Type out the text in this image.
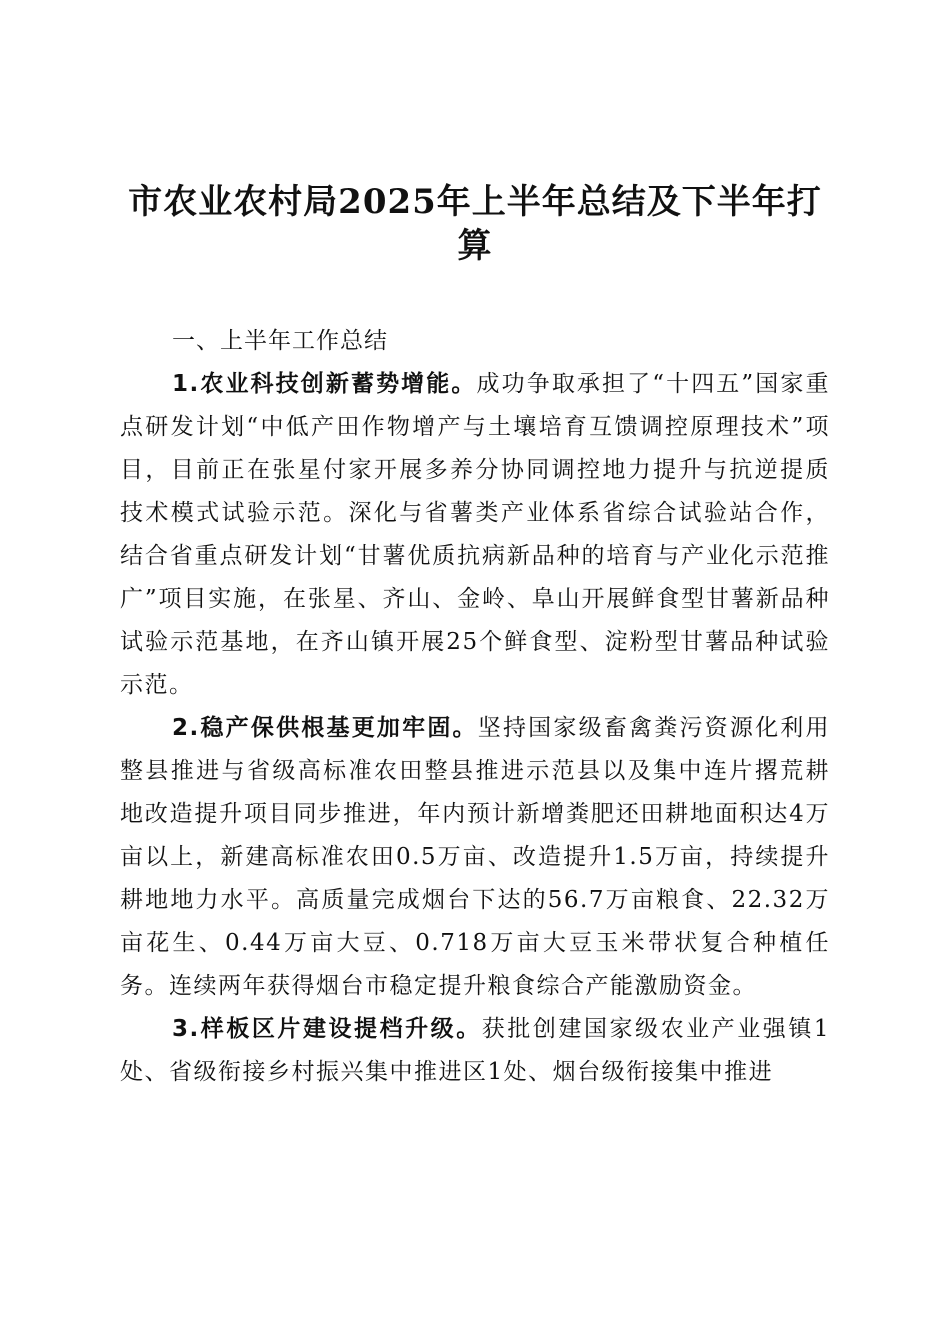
市农业农村局2025年上半年总结及下半年打算
一、上半年工作总结

1.农业科技创新蓄势增能。成功争取承担了“十四五”国家重点研发计划“中低产田作物增产与土壤培育互馈调控原理技术”项目，目前正在张星付家开展多养分协同调控地力提升与抗逆提质技术模式试验示范。深化与省薯类产业体系省综合试验站合作，结合省重点研发计划“甘薯优质抗病新品种的培育与产业化示范推广”项目实施，在张星、齐山、金岭、阜山开展鲜食型甘薯新品种试验示范基地，在齐山镇开展25个鲜食型、淀粉型甘薯品种试验示范。

2.稳产保供根基更加牢固。坚持国家级畜禽粪污资源化利用整县推进与省级高标准农田整县推进示范县以及集中连片撂荒耕地改造提升项目同步推进，年内预计新增粪肥还田耕地面积达4万亩以上，新建高标准农田0.5万亩、改造提升1.5万亩，持续提升耕地地力水平。高质量完成烟台下达的56.7万亩粮食、22.32万亩花生、0.44万亩大豆、0.718万亩大豆玉米带状复合种植任务。连续两年获得烟台市稳定提升粮食综合产能激励资金。

3.样板区片建设提档升级。获批创建国家级农业产业强镇1处、省级衔接乡村振兴集中推进区1处、烟台级衔接集中推进
